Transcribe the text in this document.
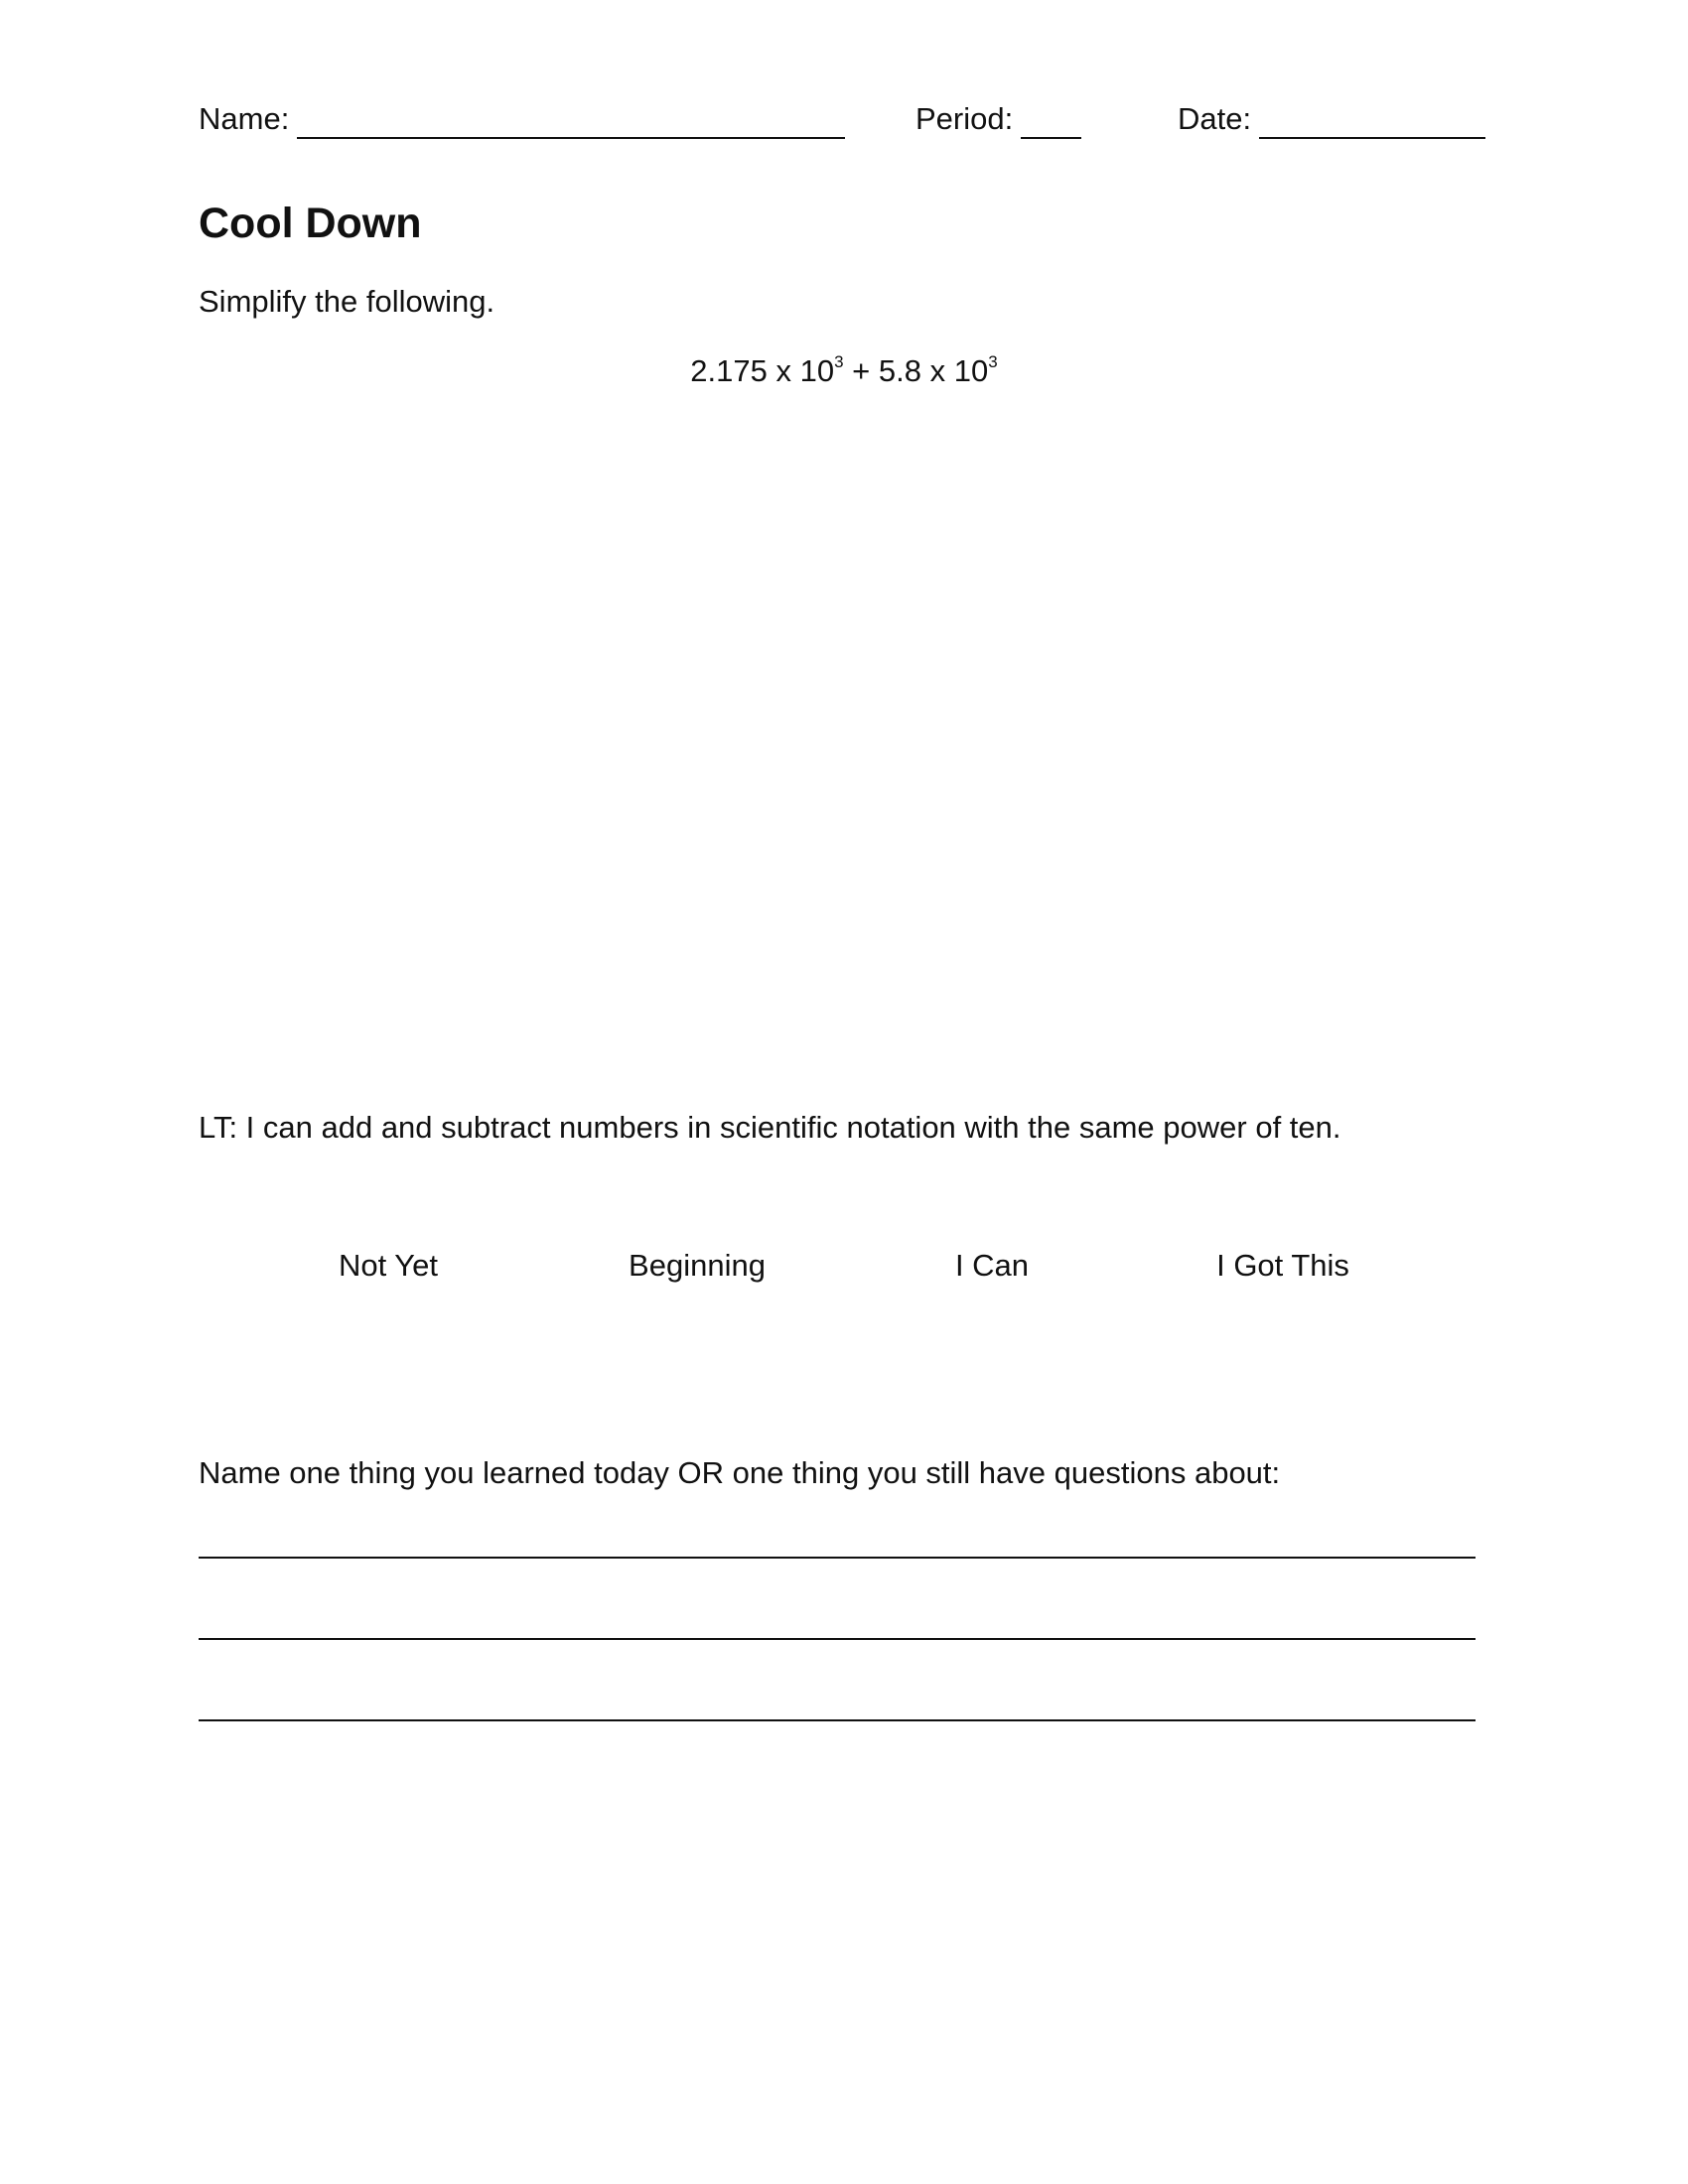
Name:	Period:	Date:
Cool Down
Simplify the following.
2.175 x $10^3 + 5.8$ x $10^3$
LT: I can add and subtract numbers in scientific notation with the same power of ten.
Not Yet	Beginning	I Can	I Got This
Name one thing you learned today OR one thing you still have questions about:
